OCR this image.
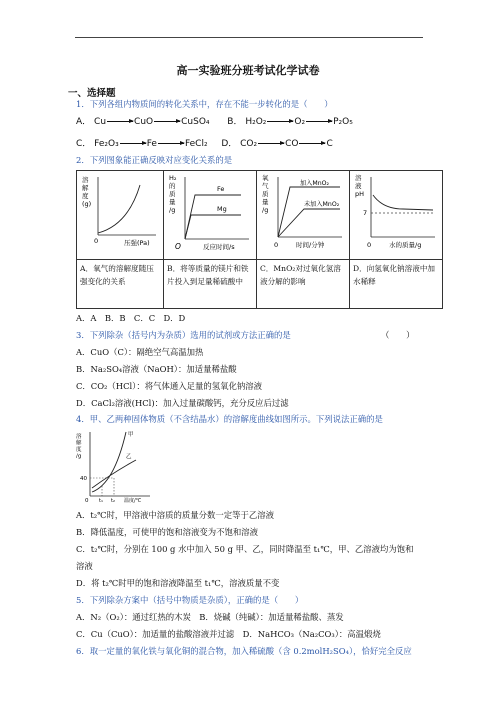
高一实验班分班考试化学试卷
一、选择题
1．下列各组内物质间的转化关系中，存在不能一步转化的是（　　）
A． Cu	CuO	CuSO₄ B． H₂O₂	O₂	P₂O₅
C． Fe₂O₃	Fe	FeCl₂ D． CO₂	CO	C
2．下列图象能正确反映对应变化关系的是
溶解度(g)
0 压强(Pa)	H₂ 的质量/g
Fe
Mg
O 反应时间/s	氧气质量/g
加入MnO₂
未加入MnO₂
0 时间/分钟	溶液 pH
7
0 水的质量/g

A．氧气的溶解度随压强变化的关系	B．将等质量的镁片和铁片投入到足量稀硫酸中	C．MnO₂对过氧化氢溶液分解的影响	D．向氢氧化钠溶液中加水稀释
A．A　B．B　C．C　D．D
3．下列除杂（括号内为杂质）选用的试剂或方法正确的是	（　　）
A．CuO（C）：隔绝空气高温加热
B．Na₂SO₄溶液（NaOH）：加适量稀盐酸
C．CO₂（HCl）：将气体通入足量的氢氧化钠溶液
D．CaCl₂溶液(HCl)：加入过量碳酸钙，充分反应后过滤
4．甲、乙两种固体物质（不含结晶水）的溶解度曲线如图所示。下列说法正确的是
溶解度/g
40
0 t₁ t₂
甲
乙
温度/℃
A．t₂℃时，甲溶液中溶质的质量分数一定等于乙溶液
B．降低温度，可使甲的饱和溶液变为不饱和溶液
C．t₂℃时，分别在 100 g 水中加入 50 g 甲、乙，同时降温至 t₁℃，甲、乙溶液均为饱和
溶液
D．将 t₂℃时甲的饱和溶液降温至 t₁℃，溶液质量不变
5．下列除杂方案中（括号中物质是杂质），正确的是（　　）
A．N₂（O₂）：通过红热的木炭　B．烧碱（纯碱）：加适量稀盐酸、蒸发
C．Cu（CuO）：加适量的盐酸溶液并过滤　D．NaHCO₃（Na₂CO₃）：高温煅烧
6．取一定量的氧化铁与氧化铜的混合物，加入稀硫酸（含 0.2molH₂SO₄），恰好完全反应
